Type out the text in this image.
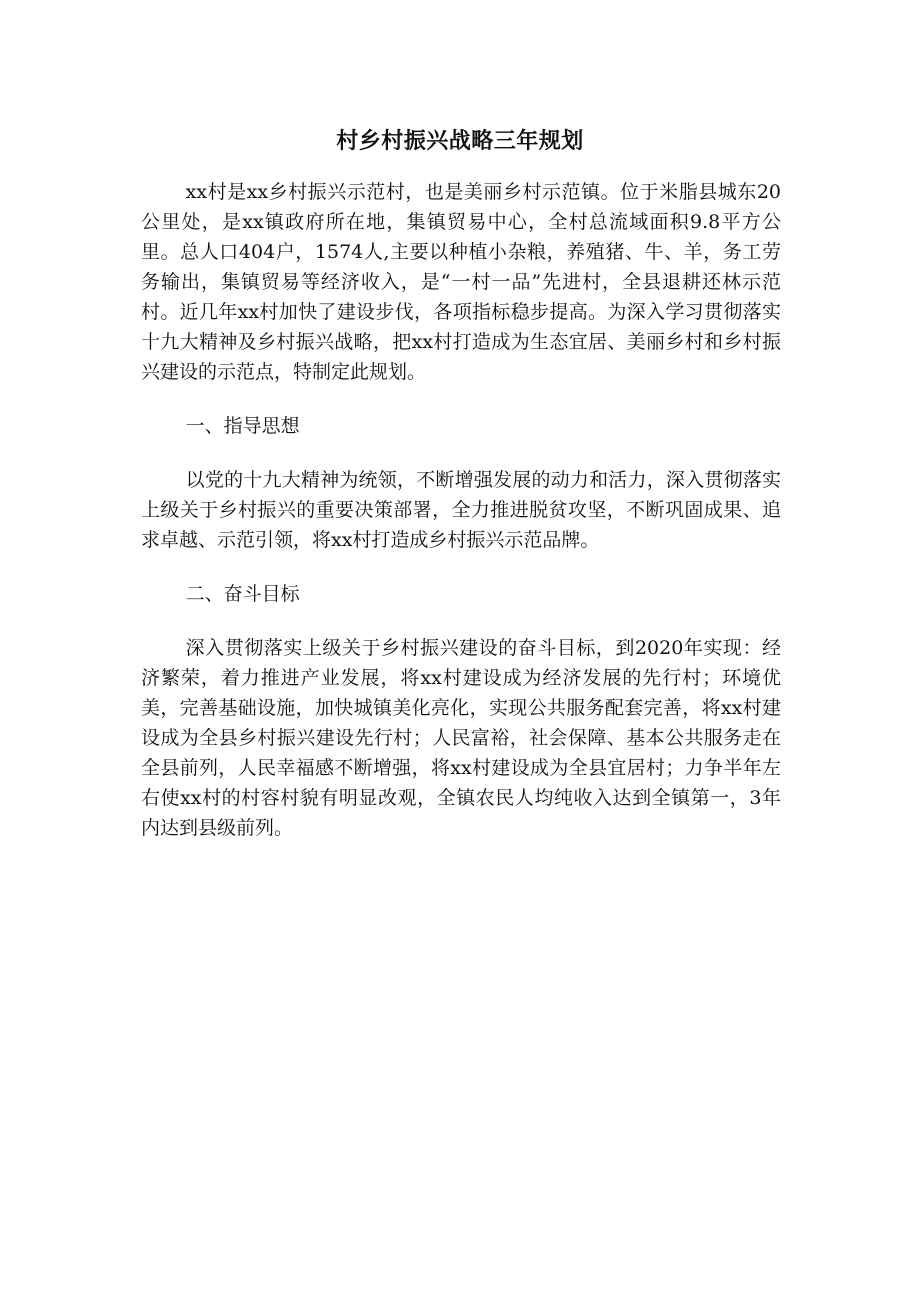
村乡村振兴战略三年规划

xx村是xx乡村振兴示范村，也是美丽乡村示范镇。位于米脂县城东20公里处，是xx镇政府所在地，集镇贸易中心，全村总流域面积9.8平方公里。总人口404户，1574人,主要以种植小杂粮，养殖猪、牛、羊，务工劳务输出，集镇贸易等经济收入，是“一村一品”先进村，全县退耕还林示范村。近几年xx村加快了建设步伐，各项指标稳步提高。为深入学习贯彻落实十九大精神及乡村振兴战略，把xx村打造成为生态宜居、美丽乡村和乡村振兴建设的示范点，特制定此规划。

一、指导思想

以党的十九大精神为统领，不断增强发展的动力和活力，深入贯彻落实上级关于乡村振兴的重要决策部署，全力推进脱贫攻坚，不断巩固成果、追求卓越、示范引领，将xx村打造成乡村振兴示范品牌。

二、奋斗目标

深入贯彻落实上级关于乡村振兴建设的奋斗目标，到2020年实现：经济繁荣，着力推进产业发展，将xx村建设成为经济发展的先行村；环境优美，完善基础设施，加快城镇美化亮化，实现公共服务配套完善，将xx村建设成为全县乡村振兴建设先行村；人民富裕，社会保障、基本公共服务走在全县前列，人民幸福感不断增强，将xx村建设成为全县宜居村；力争半年左右使xx村的村容村貌有明显改观，全镇农民人均纯收入达到全镇第一，3年内达到县级前列。
